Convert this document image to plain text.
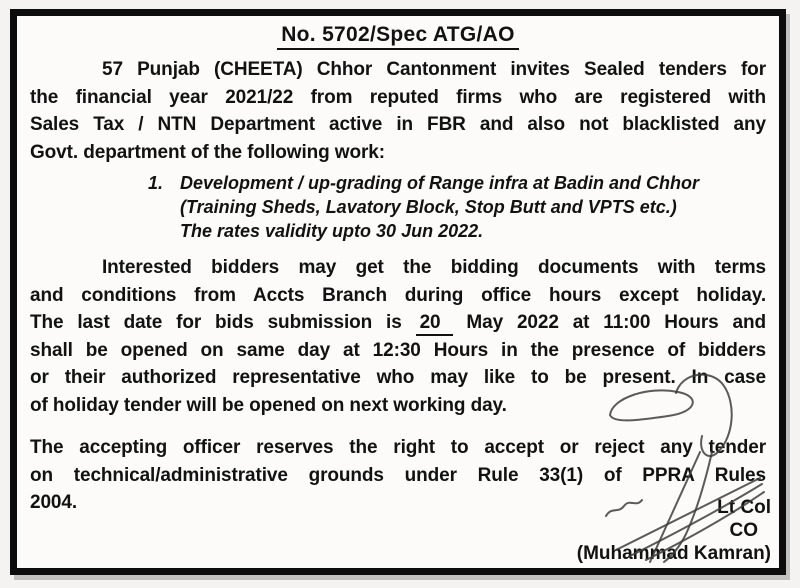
No. 5702/Spec ATG/AO
57 Punjab (CHEETA) Chhor Cantonment invites Sealed tenders for
the financial year 2021/22 from reputed firms who are registered with
Sales Tax / NTN Department active in FBR and also not blacklisted any
Govt. department of the following work:
1. Development / up-grading of Range infra at Badin and Chhor
(Training Sheds, Lavatory Block, Stop Butt and VPTS etc.)
The rates validity upto 30 Jun 2022.
Interested bidders may get the bidding documents with terms
and conditions from Accts Branch during office hours except holiday.
The last date for bids submission is 20 May 2022 at 11:00 Hours and
shall be opened on same day at 12:30 Hours in the presence of bidders
or their authorized representative who may like to be present. In case
of holiday tender will be opened on next working day.
The accepting officer reserves the right to accept or reject any tender
on technical/administrative grounds under Rule 33(1) of PPRA Rules
2004.	Lt Col
CO
(Muhammad Kamran)
